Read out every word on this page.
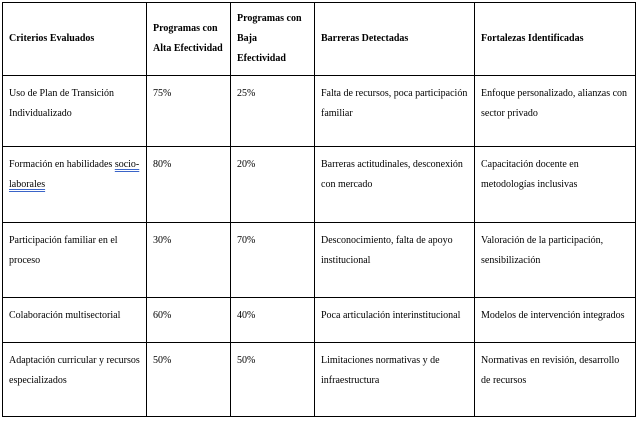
Criterios Evaluados	Programas con Alta Efectividad	Programas con Baja Efectividad	Barreras Detectadas	Fortalezas Identificadas
Uso de Plan de Transición Individualizado	75%	25%	Falta de recursos, poca participación familiar	Enfoque personalizado, alianzas con sector privado
Formación en habilidades socio-laborales	80%	20%	Barreras actitudinales, desconexión con mercado	Capacitación docente en metodologías inclusivas
Participación familiar en el proceso	30%	70%	Desconocimiento, falta de apoyo institucional	Valoración de la participación, sensibilización
Colaboración multisectorial	60%	40%	Poca articulación interinstitucional	Modelos de intervención integrados
Adaptación curricular y recursos especializados	50%	50%	Limitaciones normativas y de infraestructura	Normativas en revisión, desarrollo de recursos
